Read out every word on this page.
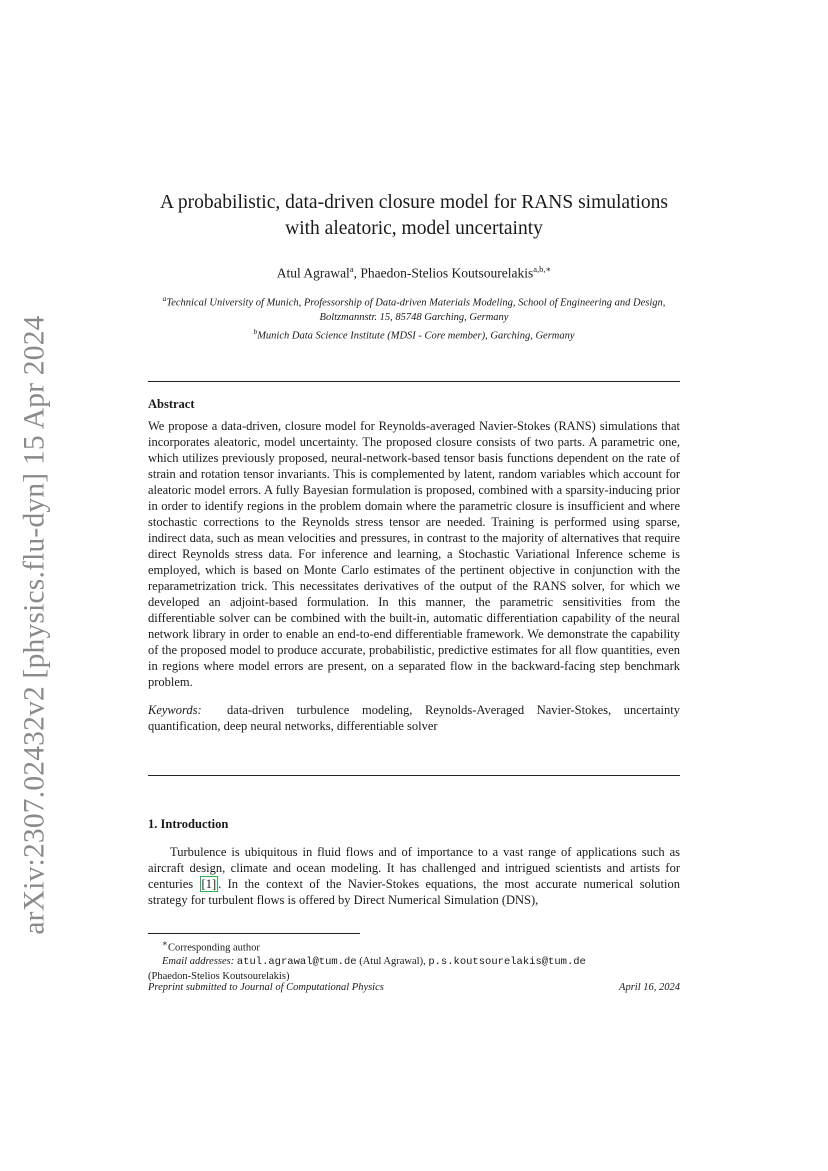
arXiv:2307.02432v2 [physics.flu-dyn] 15 Apr 2024
A probabilistic, data-driven closure model for RANS simulations
with aleatoric, model uncertainty
Atul Agrawal$^a$, Phaedon-Stelios Koutsourelakis$^{a,b,∗}$
$^a$Technical University of Munich, Professorship of Data-driven Materials Modeling, School of Engineering and Design,
Boltzmannstr. 15, 85748 Garching, Germany
$^b$Munich Data Science Institute (MDSI - Core member), Garching, Germany
Abstract

We propose a data-driven, closure model for Reynolds-averaged Navier-Stokes (RANS) simulations that incorporates aleatoric, model uncertainty. The proposed closure consists of two parts. A parametric one, which utilizes previously proposed, neural-network-based tensor basis functions dependent on the rate of strain and rotation tensor invariants. This is complemented by latent, random variables which account for aleatoric model errors. A fully Bayesian formulation is proposed, combined with a sparsity-inducing prior in order to identify regions in the problem domain where the parametric closure is insufficient and where stochastic corrections to the Reynolds stress tensor are needed. Training is performed using sparse, indirect data, such as mean velocities and pressures, in contrast to the majority of alternatives that require direct Reynolds stress data. For inference and learning, a Stochastic Variational Inference scheme is employed, which is based on Monte Carlo estimates of the pertinent objective in conjunction with the reparametrization trick. This necessitates derivatives of the output of the RANS solver, for which we developed an adjoint-based formulation. In this manner, the parametric sensitivities from the differentiable solver can be combined with the built-in, automatic differentiation capability of the neural network library in order to enable an end-to-end differentiable framework. We demonstrate the capability of the proposed model to produce accurate, probabilistic, predictive estimates for all flow quantities, even in regions where model errors are present, on a separated flow in the backward-facing step benchmark problem.

Keywords: data-driven turbulence modeling, Reynolds-Averaged Navier-Stokes, uncertainty quantification, deep neural networks, differentiable solver

1. Introduction
Turbulence is ubiquitous in fluid flows and of importance to a vast range of applications such as aircraft design, climate and ocean modeling. It has challenged and intrigued scientists and artists for centuries [1] . In the context of the Navier-Stokes equations, the most accurate numerical solution strategy for turbulent flows is offered by Direct Numerical Simulation (DNS),

∗Corresponding author

Email addresses: atul.agrawal@tum.de (Atul Agrawal), p.s.koutsourelakis@tum.de

(Phaedon-Stelios Koutsourelakis)

Preprint submitted to Journal of Computational Physics	April 16, 2024
